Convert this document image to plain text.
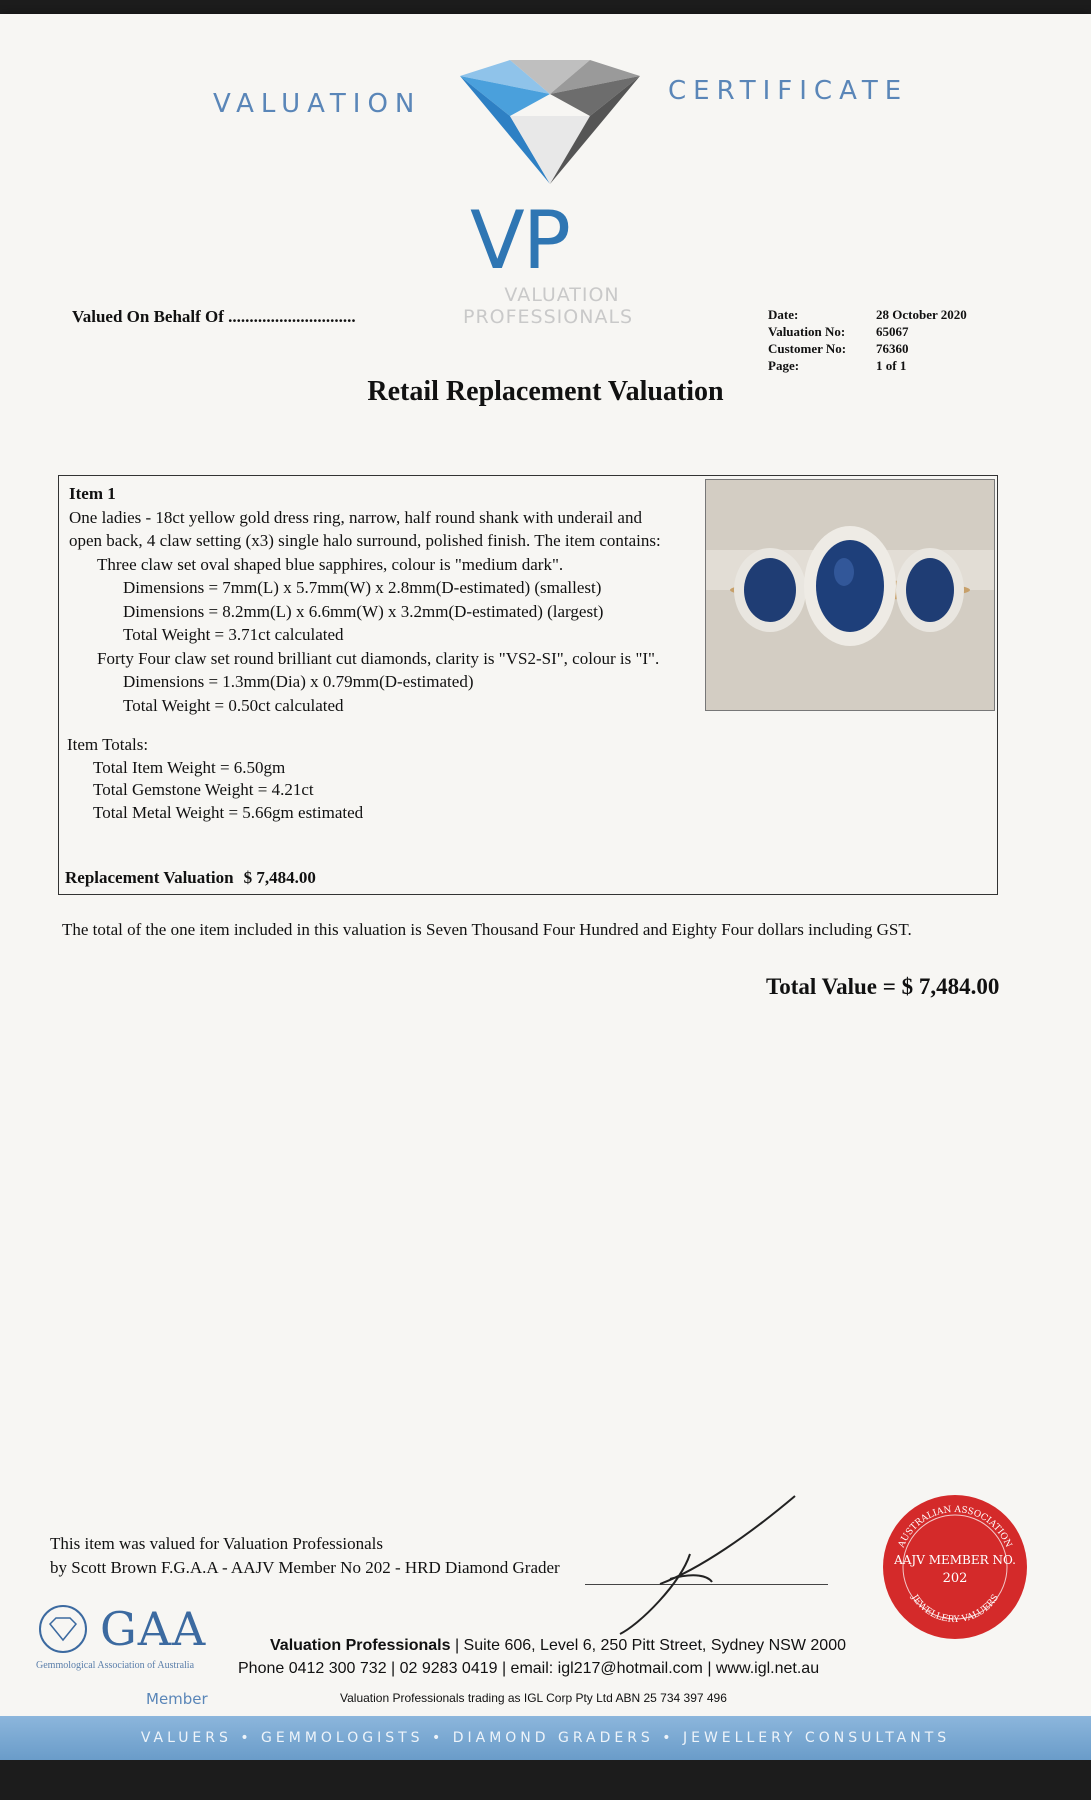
VALUATION	CERTIFICATE
VP
VALUATION
PROFESSIONALS
Valued On Behalf Of ..............................	Date:	28 October 2020
Valuation No:	65067
Customer No:	76360
Page:	1 of 1
Retail Replacement Valuation
Item 1
One ladies - 18ct yellow gold dress ring, narrow, half round shank with underail and
open back, 4 claw setting (x3) single halo surround, polished finish. The item contains:
Three claw set oval shaped blue sapphires, colour is "medium dark".
Dimensions = 7mm(L) x 5.7mm(W) x 2.8mm(D-estimated) (smallest)
Dimensions = 8.2mm(L) x 6.6mm(W) x 3.2mm(D-estimated) (largest)
Total Weight = 3.71ct calculated
Forty Four claw set round brilliant cut diamonds, clarity is "VS2-SI", colour is "I".
Dimensions = 1.3mm(Dia) x 0.79mm(D-estimated)
Total Weight = 0.50ct calculated
Item Totals:
Total Item Weight = 6.50gm
Total Gemstone Weight = 4.21ct
Total Metal Weight = 5.66gm estimated
Replacement Valuation $ 7,484.00
The total of the one item included in this valuation is Seven Thousand Four Hundred and Eighty Four dollars including GST.
Total Value = $ 7,484.00
This item was valued for Valuation Professionals
by Scott Brown F.G.A.A - AAJV Member No 202 - HRD Diamond Grader
AUSTRALIAN ASSOCIATION
JEWELLERY VALUERS
AAJV MEMBER NO.
202
GAA
Gemmological Association of Australia
Member
Valuation Professionals | Suite 606, Level 6, 250 Pitt Street, Sydney NSW 2000
Phone 0412 300 732 | 02 9283 0419 | email: igl217@hotmail.com | www.igl.net.au
Valuation Professionals trading as IGL Corp Pty Ltd ABN 25 734 397 496
VALUERS • GEMMOLOGISTS • DIAMOND GRADERS • JEWELLERY CONSULTANTS
